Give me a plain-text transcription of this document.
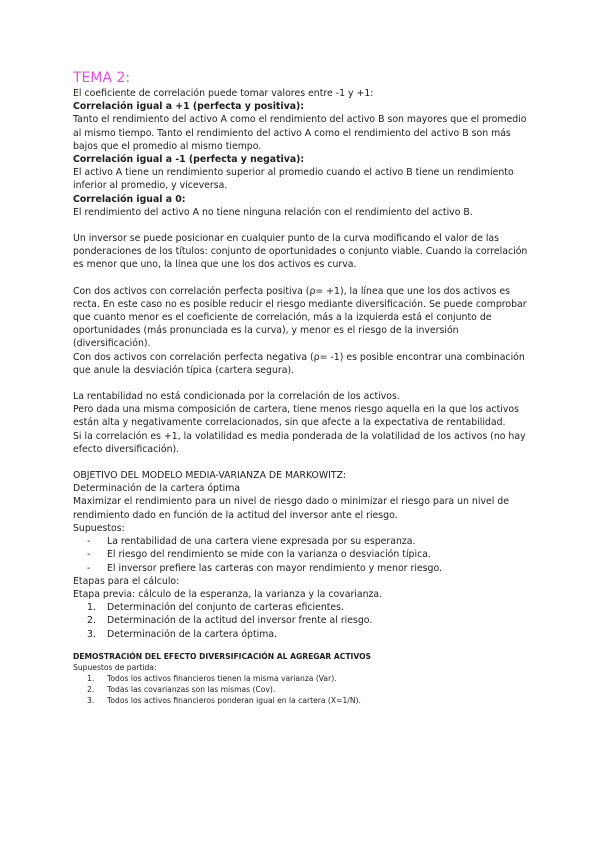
TEMA 2:

El coeficiente de correlación puede tomar valores entre -1 y +1:

Correlación igual a +1 (perfecta y positiva):

Tanto el rendimiento del activo A como el rendimiento del activo B son mayores que el promedio al mismo tiempo. Tanto el rendimiento del activo A como el rendimiento del activo B son más bajos que el promedio al mismo tiempo.

Correlación igual a -1 (perfecta y negativa):

El activo A tiene un rendimiento superior al promedio cuando el activo B tiene un rendimiento inferior al promedio, y viceversa.

Correlación igual a 0:

El rendimiento del activo A no tiene ninguna relación con el rendimiento del activo B.

Un inversor se puede posicionar en cualquier punto de la curva modificando el valor de las ponderaciones de los títulos: conjunto de oportunidades o conjunto viable. Cuando la correlación es menor que uno, la línea que une los dos activos es curva.

Con dos activos con correlación perfecta positiva (ρ= +1), la línea que une los dos activos es recta. En este caso no es posible reducir el riesgo mediante diversificación. Se puede comprobar que cuanto menor es el coeficiente de correlación, más a la izquierda está el conjunto de oportunidades (más pronunciada es la curva), y menor es el riesgo de la inversión (diversificación).

Con dos activos con correlación perfecta negativa (ρ= -1) es posible encontrar una combinación que anule la desviación típica (cartera segura).

La rentabilidad no está condicionada por la correlación de los activos.

Pero dada una misma composición de cartera, tiene menos riesgo aquella en la que los activos están alta y negativamente correlacionados, sin que afecte a la expectativa de rentabilidad.

Si la correlación es +1, la volatilidad es media ponderada de la volatilidad de los activos (no hay efecto diversificación).

OBJETIVO DEL MODELO MEDIA-VARIANZA DE MARKOWITZ:

Determinación de la cartera óptima

Maximizar el rendimiento para un nivel de riesgo dado o minimizar el riesgo para un nivel de rendimiento dado en función de la actitud del inversor ante el riesgo.

Supuestos:

- La rentabilidad de una cartera viene expresada por su esperanza.
- El riesgo del rendimiento se mide con la varianza o desviación típica.
- El inversor prefiere las carteras con mayor rendimiento y menor riesgo.

Etapas para el cálculo:

Etapa previa: cálculo de la esperanza, la varianza y la covarianza.

1. Determinación del conjunto de carteras eficientes.
2. Determinación de la actitud del inversor frente al riesgo.
3. Determinación de la cartera óptima.

DEMOSTRACIÓN DEL EFECTO DIVERSIFICACIÓN AL AGREGAR ACTIVOS

Supuestos de partida:

1. Todos los activos financieros tienen la misma varianza (Var).
2. Todas las covarianzas son las mismas (Cov).
3. Todos los activos financieros ponderan igual en la cartera (X=1/N).
